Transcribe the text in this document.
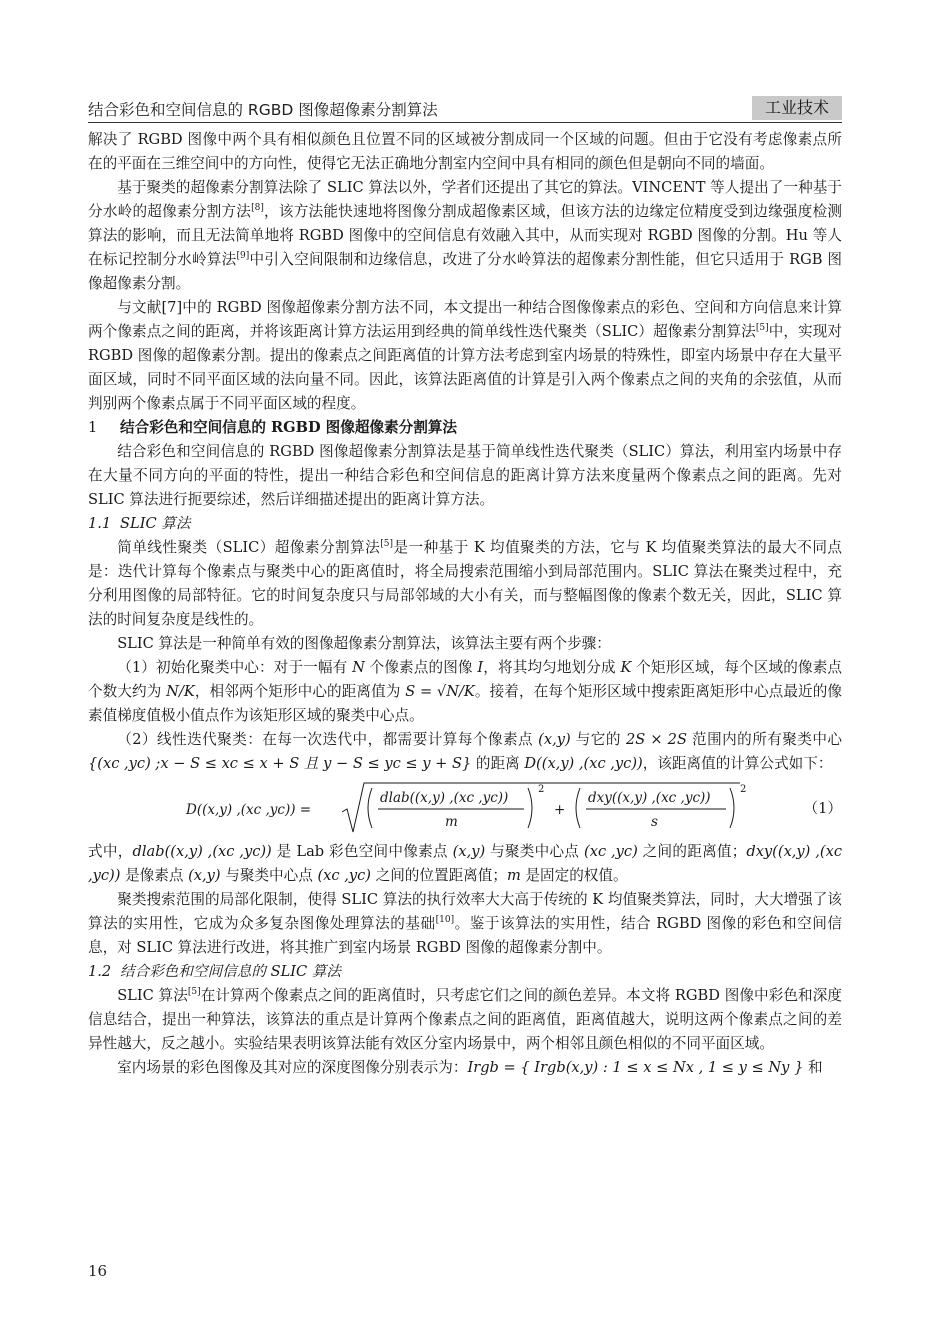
结合彩色和空间信息的 RGBD 图像超像素分割算法	工业技术

解决了 RGBD 图像中两个具有相似颜色且位置不同的区域被分割成同一个区域的问题。但由于它没有考虑像素点所在的平面在三维空间中的方向性，使得它无法正确地分割室内空间中具有相同的颜色但是朝向不同的墙面。

基于聚类的超像素分割算法除了 SLIC 算法以外，学者们还提出了其它的算法。VINCENT 等人提出了一种基于分水岭的超像素分割方法[8]，该方法能快速地将图像分割成超像素区域，但该方法的边缘定位精度受到边缘强度检测算法的影响，而且无法简单地将 RGBD 图像中的空间信息有效融入其中，从而实现对 RGBD 图像的分割。Hu 等人在标记控制分水岭算法[9]中引入空间限制和边缘信息，改进了分水岭算法的超像素分割性能，但它只适用于 RGB 图像超像素分割。

与文献[7]中的 RGBD 图像超像素分割方法不同，本文提出一种结合图像像素点的彩色、空间和方向信息来计算两个像素点之间的距离，并将该距离计算方法运用到经典的简单线性迭代聚类（SLIC）超像素分割算法[5]中，实现对 RGBD 图像的超像素分割。提出的像素点之间距离值的计算方法考虑到室内场景的特殊性，即室内场景中存在大量平面区域，同时不同平面区域的法向量不同。因此，该算法距离值的计算是引入两个像素点之间的夹角的余弦值，从而判别两个像素点属于不同平面区域的程度。

1 结合彩色和空间信息的 RGBD 图像超像素分割算法

结合彩色和空间信息的 RGBD 图像超像素分割算法是基于简单线性迭代聚类（SLIC）算法，利用室内场景中存在大量不同方向的平面的特性，提出一种结合彩色和空间信息的距离计算方法来度量两个像素点之间的距离。先对 SLIC 算法进行扼要综述，然后详细描述提出的距离计算方法。

1.1 SLIC 算法

简单线性聚类（SLIC）超像素分割算法[5]是一种基于 K 均值聚类的方法，它与 K 均值聚类算法的最大不同点是：迭代计算每个像素点与聚类中心的距离值时，将全局搜索范围缩小到局部范围内。SLIC 算法在聚类过程中，充分利用图像的局部特征。它的时间复杂度只与局部邻域的大小有关，而与整幅图像的像素个数无关，因此，SLIC 算法的时间复杂度是线性的。

SLIC 算法是一种简单有效的图像超像素分割算法，该算法主要有两个步骤：

（1）初始化聚类中心：对于一幅有 N 个像素点的图像 I，将其均匀地划分成 K 个矩形区域，每个区域的像素点个数大约为 N/K，相邻两个矩形中心的距离值为 S = √N/K。接着，在每个矩形区域中搜索距离矩形中心点最近的像素值梯度值极小值点作为该矩形区域的聚类中心点。

（2）线性迭代聚类：在每一次迭代中，都需要计算每个像素点 (x,y) 与它的 2S × 2S 范围内的所有聚类中心 {(xc ,yc) ;x − S ≤ xc ≤ x + S 且 y − S ≤ yc ≤ y + S} 的距离 D((x,y) ,(xc ,yc))，该距离值的计算公式如下：

D((x,y) ,(xc ,yc)) =
dlab((x,y) ,(xc ,yc))
m
2
+
dxy((x,y) ,(xc ,yc))
s
2
（1）

式中，dlab((x,y) ,(xc ,yc)) 是 Lab 彩色空间中像素点 (x,y) 与聚类中心点 (xc ,yc) 之间的距离值；dxy((x,y) ,(xc ,yc)) 是像素点 (x,y) 与聚类中心点 (xc ,yc) 之间的位置距离值；m 是固定的权值。

聚类搜索范围的局部化限制，使得 SLIC 算法的执行效率大大高于传统的 K 均值聚类算法，同时，大大增强了该算法的实用性，它成为众多复杂图像处理算法的基础[10]。鉴于该算法的实用性，结合 RGBD 图像的彩色和空间信息，对 SLIC 算法进行改进，将其推广到室内场景 RGBD 图像的超像素分割中。

1.2 结合彩色和空间信息的 SLIC 算法

SLIC 算法[5]在计算两个像素点之间的距离值时，只考虑它们之间的颜色差异。本文将 RGBD 图像中彩色和深度信息结合，提出一种算法，该算法的重点是计算两个像素点之间的距离值，距离值越大，说明这两个像素点之间的差异性越大，反之越小。实验结果表明该算法能有效区分室内场景中，两个相邻且颜色相似的不同平面区域。

室内场景的彩色图像及其对应的深度图像分别表示为：Irgb = { Irgb(x,y) : 1 ≤ x ≤ Nx , 1 ≤ y ≤ Ny } 和

16
